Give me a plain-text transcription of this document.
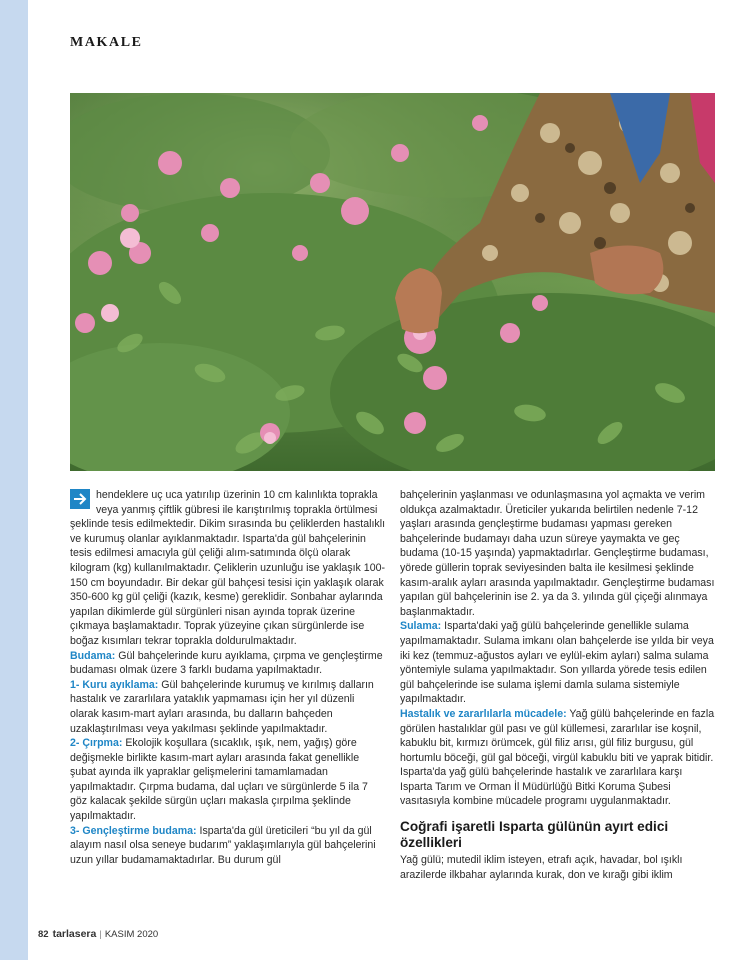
MAKALE

hendeklere uç uca yatırılıp üzerinin 10 cm kalınlıkta toprakla veya yanmış çiftlik gübresi ile karıştırılmış toprakla örtülmesi şeklinde tesis edilmektedir. Dikim sırasında bu çeliklerden hastalıklı ve kurumuş olanlar ayıklanmaktadır. Isparta'da gül bahçelerinin tesis edilmesi amacıyla gül çeliği alım-satımında ölçü olarak kilogram (kg) kullanılmaktadır. Çeliklerin uzunluğu ise yaklaşık 100-150 cm boyundadır. Bir dekar gül bahçesi tesisi için yaklaşık olarak 350-600 kg gül çeliği (kazık, kesme) gereklidir. Sonbahar aylarında yapılan dikimlerde gül sürgünleri nisan ayında toprak üzerine çıkmaya başlamaktadır. Toprak yüzeyine çıkan sürgünlerde ise boğaz kısımları tekrar toprakla doldurulmaktadır.

Budama: Gül bahçelerinde kuru ayıklama, çırpma ve gençleştirme budaması olmak üzere 3 farklı budama yapılmaktadır.

1- Kuru ayıklama: Gül bahçelerinde kurumuş ve kırılmış dalların hastalık ve zararlılara yataklık yapmaması için her yıl düzenli olarak kasım-mart ayları arasında, bu dalların bahçeden uzaklaştırılması veya yakılması şeklinde yapılmaktadır.

2- Çırpma: Ekolojik koşullara (sıcaklık, ışık, nem, yağış) göre değişmekle birlikte kasım-mart ayları arasında fakat genellikle şubat ayında ilk yapraklar gelişmelerini tamamlamadan yapılmaktadır. Çırpma budama, dal uçları ve sürgünlerde 5 ila 7 göz kalacak şekilde sürgün uçları makasla çırpılma şeklinde yapılmaktadır.

3- Gençleştirme budama: Isparta'da gül üreticileri “bu yıl da gül alayım nasıl olsa seneye budarım” yaklaşımlarıyla gül bahçelerini uzun yıllar budamamaktadırlar. Bu durum gül

bahçelerinin yaşlanması ve odunlaşmasına yol açmakta ve verim oldukça azalmaktadır. Üreticiler yukarıda belirtilen nedenle 7-12 yaşları arasında gençleştirme budaması yapması gereken bahçelerinde budamayı daha uzun süreye yaymakta ve geç budama (10-15 yaşında) yapmaktadırlar. Gençleştirme budaması, yörede güllerin toprak seviyesinden balta ile kesilmesi şeklinde kasım-aralık ayları arasında yapılmaktadır. Gençleştirme budaması yapılan gül bahçelerinin ise 2. ya da 3. yılında gül çiçeği alınmaya başlanmaktadır.

Sulama: Isparta'daki yağ gülü bahçelerinde genellikle sulama yapılmamaktadır. Sulama imkanı olan bahçelerde ise yılda bir veya iki kez (temmuz-ağustos ayları ve eylül-ekim ayları) salma sulama yöntemiyle sulama yapılmaktadır. Son yıllarda yörede tesis edilen gül bahçelerinde ise sulama işlemi damla sulama sistemiyle yapılmaktadır.

Hastalık ve zararlılarla mücadele: Yağ gülü bahçelerinde en fazla görülen hastalıklar gül pası ve gül küllemesi, zararlılar ise koşnil, kabuklu bit, kırmızı örümcek, gül filiz arısı, gül filiz burgusu, gül hortumlu böceği, gül gal böceği, virgül kabuklu biti ve yaprak bitidir. Isparta'da yağ gülü bahçelerinde hastalık ve zararlılara karşı Isparta Tarım ve Orman İl Müdürlüğü Bitki Koruma Şubesi vasıtasıyla kombine mücadele programı uygulanmaktadır.

Coğrafi işaretli Isparta gülünün ayırt edici özellikleri

Yağ gülü; mutedil iklim isteyen, etrafı açık, havadar, bol ışıklı arazilerde ilkbahar aylarında kurak, don ve kırağı gibi iklim

82 tarlasera | KASIM 2020
